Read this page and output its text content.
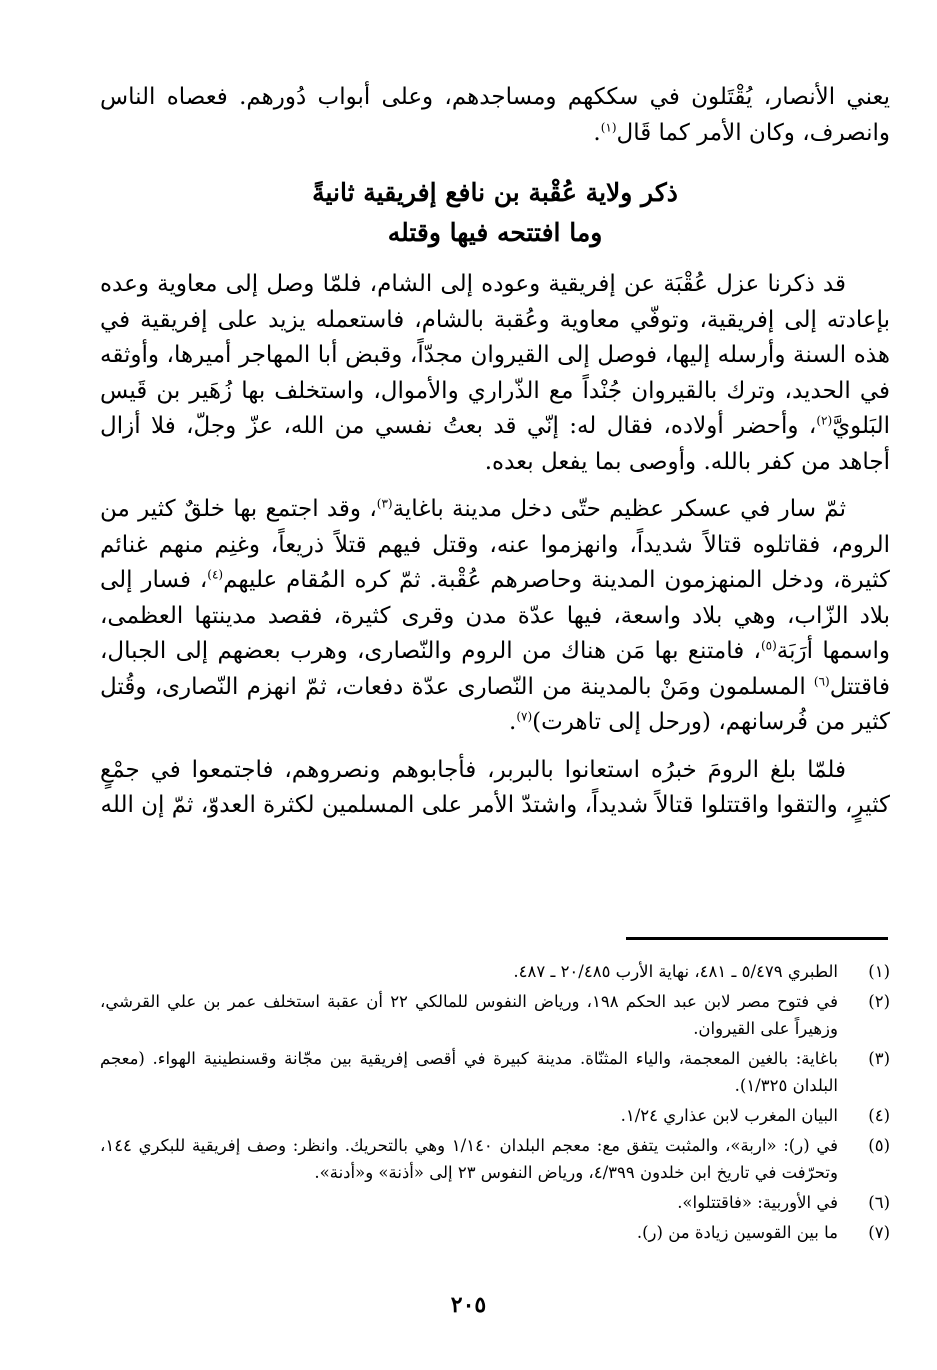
يعني الأنصار، يُقْتَلون في سككهم ومساجدهم، وعلى أبواب دُورهم. فعصاه الناس وانصرف، وكان الأمر كما قَال$^{(١)}$.

ذكر ولاية عُقْبة بن نافع إفريقية ثانيةً
وما افتتحه فيها وقتله

قد ذكرنا عزل عُقْبَة عن إفريقية وعوده إلى الشام، فلمّا وصل إلى معاوية وعده بإعادته إلى إفريقية، وتوفّي معاوية وعُقبة بالشام، فاستعمله يزيد على إفريقية في هذه السنة وأرسله إليها، فوصل إلى القيروان مجدّاً، وقبض أبا المهاجر أميرها، وأوثقه في الحديد، وترك بالقيروان جُنْداً مع الذّراري والأموال، واستخلف بها زُهَير بن قَيس البَلويَّ$^{(٢)}$، وأحضر أولاده، فقال له: إنّي قد بعتُ نفسي من الله، عزّ وجلّ، فلا أزال أجاهد من كفر بالله. وأوصى بما يفعل بعده.

ثمّ سار في عسكر عظيم حتّى دخل مدينة باغاية$^{(٣)}$، وقد اجتمع بها خلقٌ كثير من الروم، فقاتلوه قتالاً شديداً، وانهزموا عنه، وقتل فيهم قتلاً ذريعاً، وغنِم منهم غنائم كثيرة، ودخل المنهزمون المدينة وحاصرهم عُقْبة. ثمّ كره المُقام عليهم$^{(٤)}$، فسار إلى بلاد الزّاب، وهي بلاد واسعة، فيها عدّة مدن وقرى كثيرة، فقصد مدينتها العظمى، واسمها أرَبَة$^{(٥)}$، فامتنع بها مَن هناك من الروم والنّصارى، وهرب بعضهم إلى الجبال، فاقتتل$^{(٦)}$ المسلمون ومَنْ بالمدينة من النّصارى عدّة دفعات، ثمّ انهزم النّصارى، وقُتل كثير من فُرسانهم، (ورحل إلى تاهرت)$^{(٧)}$.

فلمّا بلغ الرومَ خبرُه استعانوا بالبربر، فأجابوهم ونصروهم، فاجتمعوا في جمْعٍ كثيرٍ، والتقوا واقتتلوا قتالاً شديداً، واشتدّ الأمر على المسلمين لكثرة العدوّ، ثمّ إن الله

(١)
الطبري ٥/٤٧٩ ـ ٤٨١، نهاية الأرب ٢٠/٤٨٥ ـ ٤٨٧.
(٢)
في فتوح مصر لابن عبد الحكم ١٩٨، ورياض النفوس للمالكي ٢٢ أن عقبة استخلف عمر بن علي القرشي، وزهيراً على القيروان.
(٣)
باغاية: بالغين المعجمة، والياء المثنّاة. مدينة كبيرة في أقصى إفريقية بين مجّانة وقسنطينية الهواء. (معجم البلدان ١/٣٢٥).
(٤)
البيان المغرب لابن عذاري ١/٢٤.
(٥)
في (ر): «اربة»، والمثبت يتفق مع: معجم البلدان ١/١٤٠ وهي بالتحريك. وانظر: وصف إفريقية للبكري ١٤٤، وتحرّفت في تاريخ ابن خلدون ٤/٣٩٩، ورياض النفوس ٢٣ إلى «أذنة» و«أدنة».
(٦)
في الأوربية: «فاقتتلوا».
(٧)
ما بين القوسين زيادة من (ر).
٢٠٥
